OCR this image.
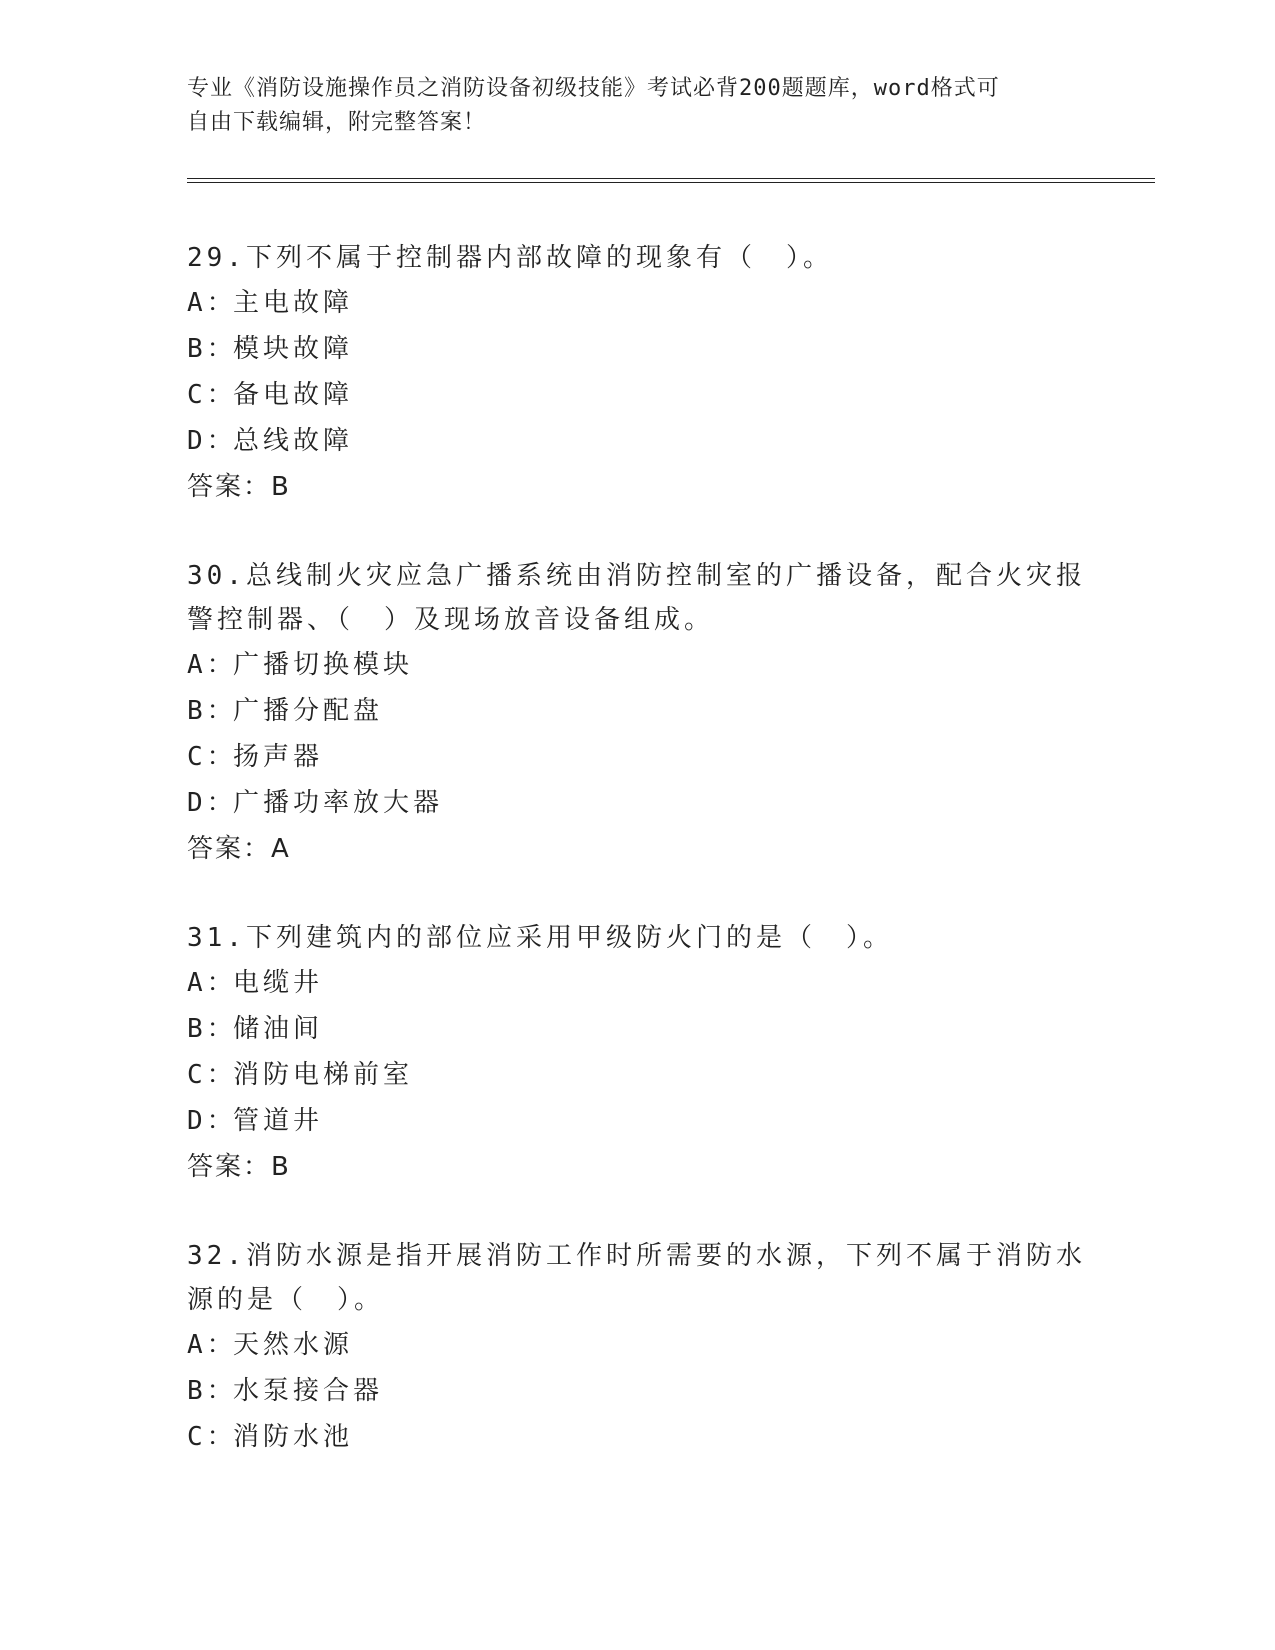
专业《消防设施操作员之消防设备初级技能》考试必背200题题库，word格式可
自由下载编辑，附完整答案！

29.下列不属于控制器内部故障的现象有（　）。

A：
主电故障
B：
模块故障
C：
备电故障
D：
总线故障
答案：B

30.总线制火灾应急广播系统由消防控制室的广播设备，配合火灾报警控制器、（　）及现场放音设备组成。

A：
广播切换模块
B：
广播分配盘
C：
扬声器
D：
广播功率放大器
答案：A

31.下列建筑内的部位应采用甲级防火门的是（　）。

A：
电缆井
B：
储油间
C：
消防电梯前室
D：
管道井
答案：B

32.消防水源是指开展消防工作时所需要的水源，下列不属于消防水源的是（　）。

A：
天然水源
B：
水泵接合器
C：
消防水池
